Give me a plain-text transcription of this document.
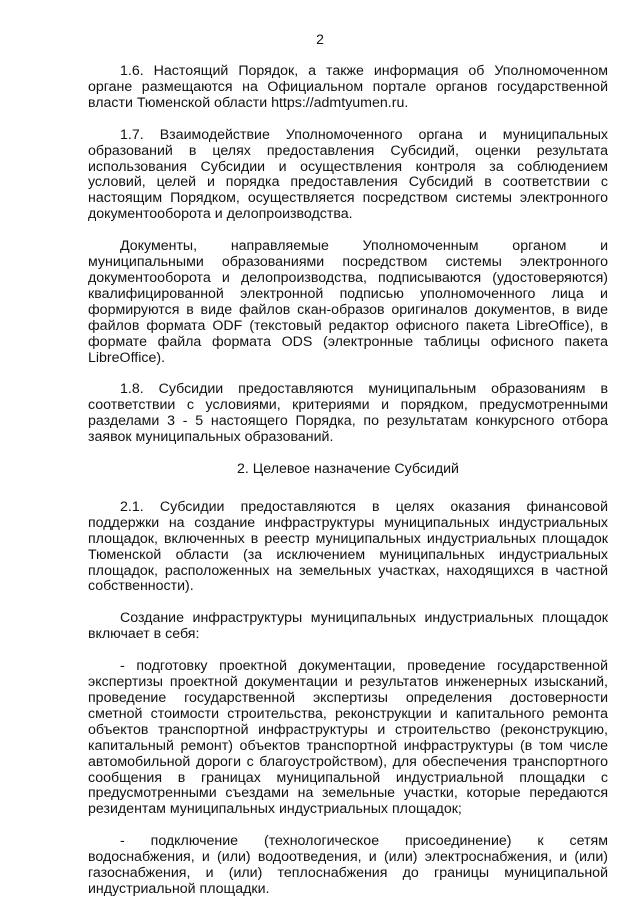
2

1.6. Настоящий Порядок, а также информация об Уполномоченном органе размещаются на Официальном портале органов государственной власти Тюменской области https://admtyumen.ru.

1.7. Взаимодействие Уполномоченного органа и муниципальных образований в целях предоставления Субсидий, оценки результата использования Субсидии и осуществления контроля за соблюдением условий, целей и порядка предоставления Субсидий в соответствии с настоящим Порядком, осуществляется посредством системы электронного документооборота и делопроизводства.

Документы, направляемые Уполномоченным органом и муниципальными образованиями посредством системы электронного документооборота и делопроизводства, подписываются (удостоверяются) квалифицированной электронной подписью уполномоченного лица и формируются в виде файлов скан-образов оригиналов документов, в виде файлов формата ODF (текстовый редактор офисного пакета LibreOffice), в формате файла формата ODS (электронные таблицы офисного пакета LibreOffice).

1.8. Субсидии предоставляются муниципальным образованиям в соответствии с условиями, критериями и порядком, предусмотренными разделами 3 - 5 настоящего Порядка, по результатам конкурсного отбора заявок муниципальных образований.

2. Целевое назначение Субсидий

2.1. Субсидии предоставляются в целях оказания финансовой поддержки на создание инфраструктуры муниципальных индустриальных площадок, включенных в реестр муниципальных индустриальных площадок Тюменской области (за исключением муниципальных индустриальных площадок, расположенных на земельных участках, находящихся в частной собственности).

Создание инфраструктуры муниципальных индустриальных площадок включает в себя:

- подготовку проектной документации, проведение государственной экспертизы проектной документации и результатов инженерных изысканий, проведение государственной экспертизы определения достоверности сметной стоимости строительства, реконструкции и капитального ремонта объектов транспортной инфраструктуры и строительство (реконструкцию, капитальный ремонт) объектов транспортной инфраструктуры (в том числе автомобильной дороги с благоустройством), для обеспечения транспортного сообщения в границах муниципальной индустриальной площадки с предусмотренными съездами на земельные участки, которые передаются резидентам муниципальных индустриальных площадок;

- подключение (технологическое присоединение) к сетям водоснабжения, и (или) водоотведения, и (или) электроснабжения, и (или) газоснабжения, и (или) теплоснабжения до границы муниципальной индустриальной площадки.
